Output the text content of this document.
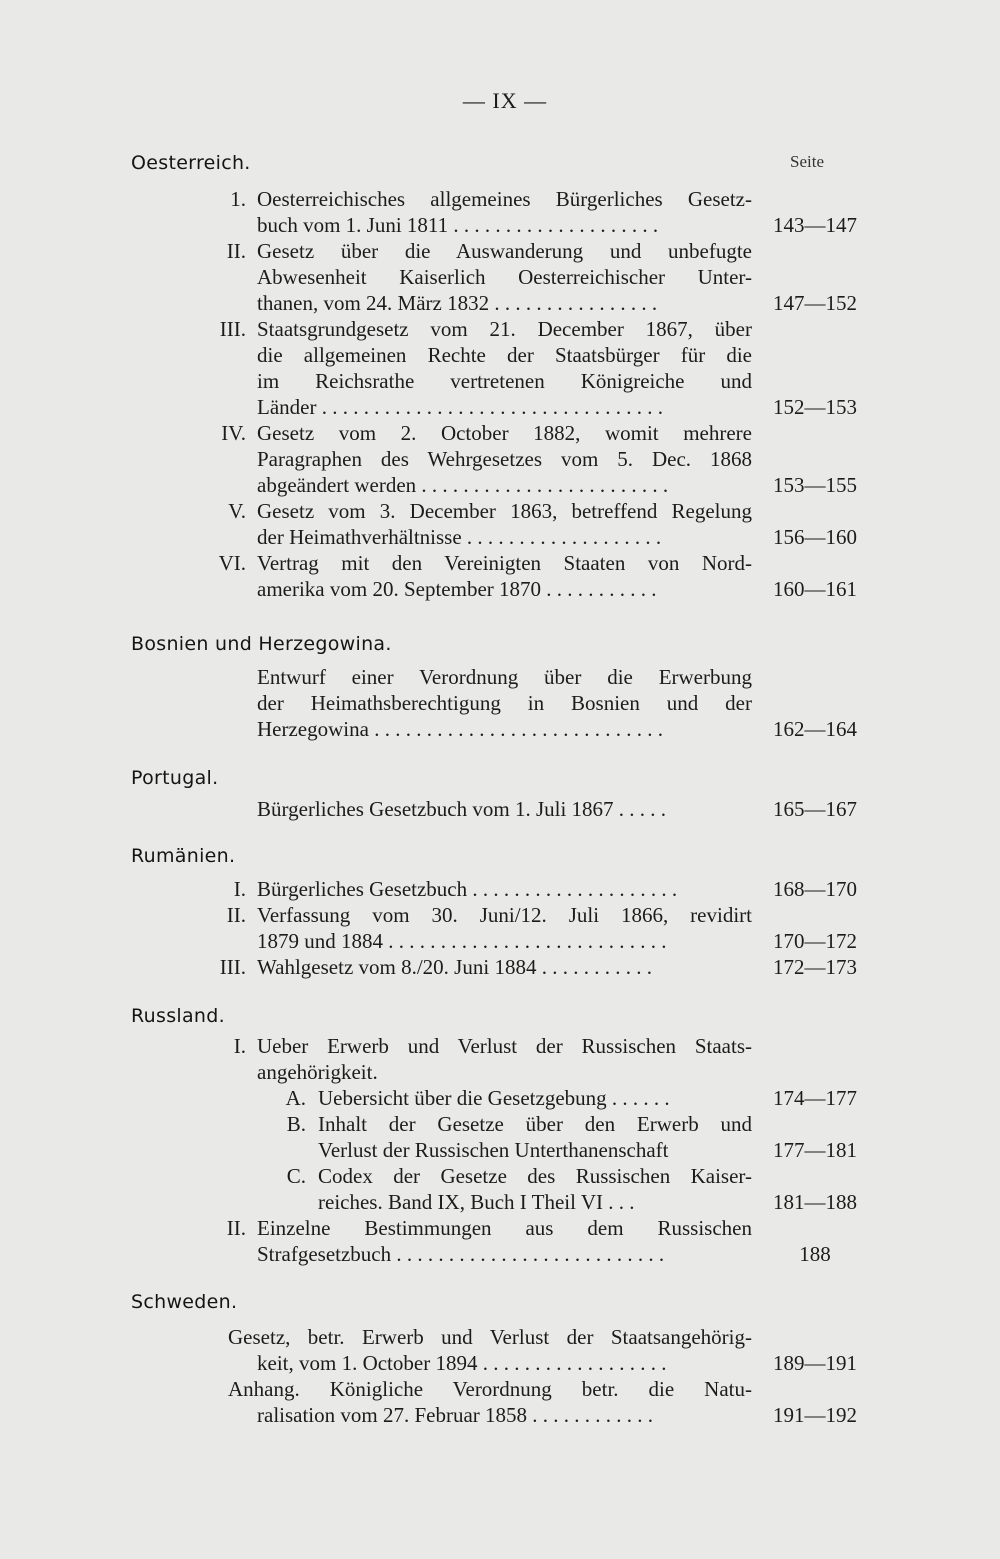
— IX —
Seite
Oesterreich.
Bosnien und Herzegowina.
Portugal.
Rumänien.
Russland.
Schweden.
1. Oesterreichisches allgemeines Bürgerliches Gesetz-
buch vom 1. Juni 1811 . . . . . . . . . . . . . . . . . . . .	143—147
II. Gesetz über die Auswanderung und unbefugte
Abwesenheit Kaiserlich Oesterreichischer Unter-
thanen, vom 24. März 1832 . . . . . . . . . . . . . . . .	147—152
III. Staatsgrundgesetz vom 21. December 1867, über
die allgemeinen Rechte der Staatsbürger für die
im Reichsrathe vertretenen Königreiche und
Länder . . . . . . . . . . . . . . . . . . . . . . . . . . . . . . . . .	152—153
IV. Gesetz vom 2. October 1882, womit mehrere
Paragraphen des Wehrgesetzes vom 5. Dec. 1868
abgeändert werden . . . . . . . . . . . . . . . . . . . . . . . .	153—155
V. Gesetz vom 3. December 1863, betreffend Regelung
der Heimathverhältnisse . . . . . . . . . . . . . . . . . . .	156—160
VI. Vertrag mit den Vereinigten Staaten von Nord-
amerika vom 20. September 1870 . . . . . . . . . . .	160—161
Entwurf einer Verordnung über die Erwerbung
der Heimathsberechtigung in Bosnien und der
Herzegowina . . . . . . . . . . . . . . . . . . . . . . . . . . . .	162—164
Bürgerliches Gesetzbuch vom 1. Juli 1867 . . . . .	165—167
I. Bürgerliches Gesetzbuch . . . . . . . . . . . . . . . . . . . .	168—170
II. Verfassung vom 30. Juni/12. Juli 1866, revidirt
1879 und 1884 . . . . . . . . . . . . . . . . . . . . . . . . . . .	170—172
III. Wahlgesetz vom 8./20. Juni 1884 . . . . . . . . . . .	172—173
I. Ueber Erwerb und Verlust der Russischen Staats-
angehörigkeit.
A. Uebersicht über die Gesetzgebung . . . . . .	174—177
B. Inhalt der Gesetze über den Erwerb und
Verlust der Russischen Unterthanenschaft	177—181
C. Codex der Gesetze des Russischen Kaiser-
reiches. Band IX, Buch I Theil VI . . .	181—188
II. Einzelne Bestimmungen aus dem Russischen
Strafgesetzbuch . . . . . . . . . . . . . . . . . . . . . . . . . .	188
Gesetz, betr. Erwerb und Verlust der Staatsangehörig-
keit, vom 1. October 1894 . . . . . . . . . . . . . . . . . .	189—191
Anhang. Königliche Verordnung betr. die Natu-
ralisation vom 27. Februar 1858 . . . . . . . . . . . .	191—192
